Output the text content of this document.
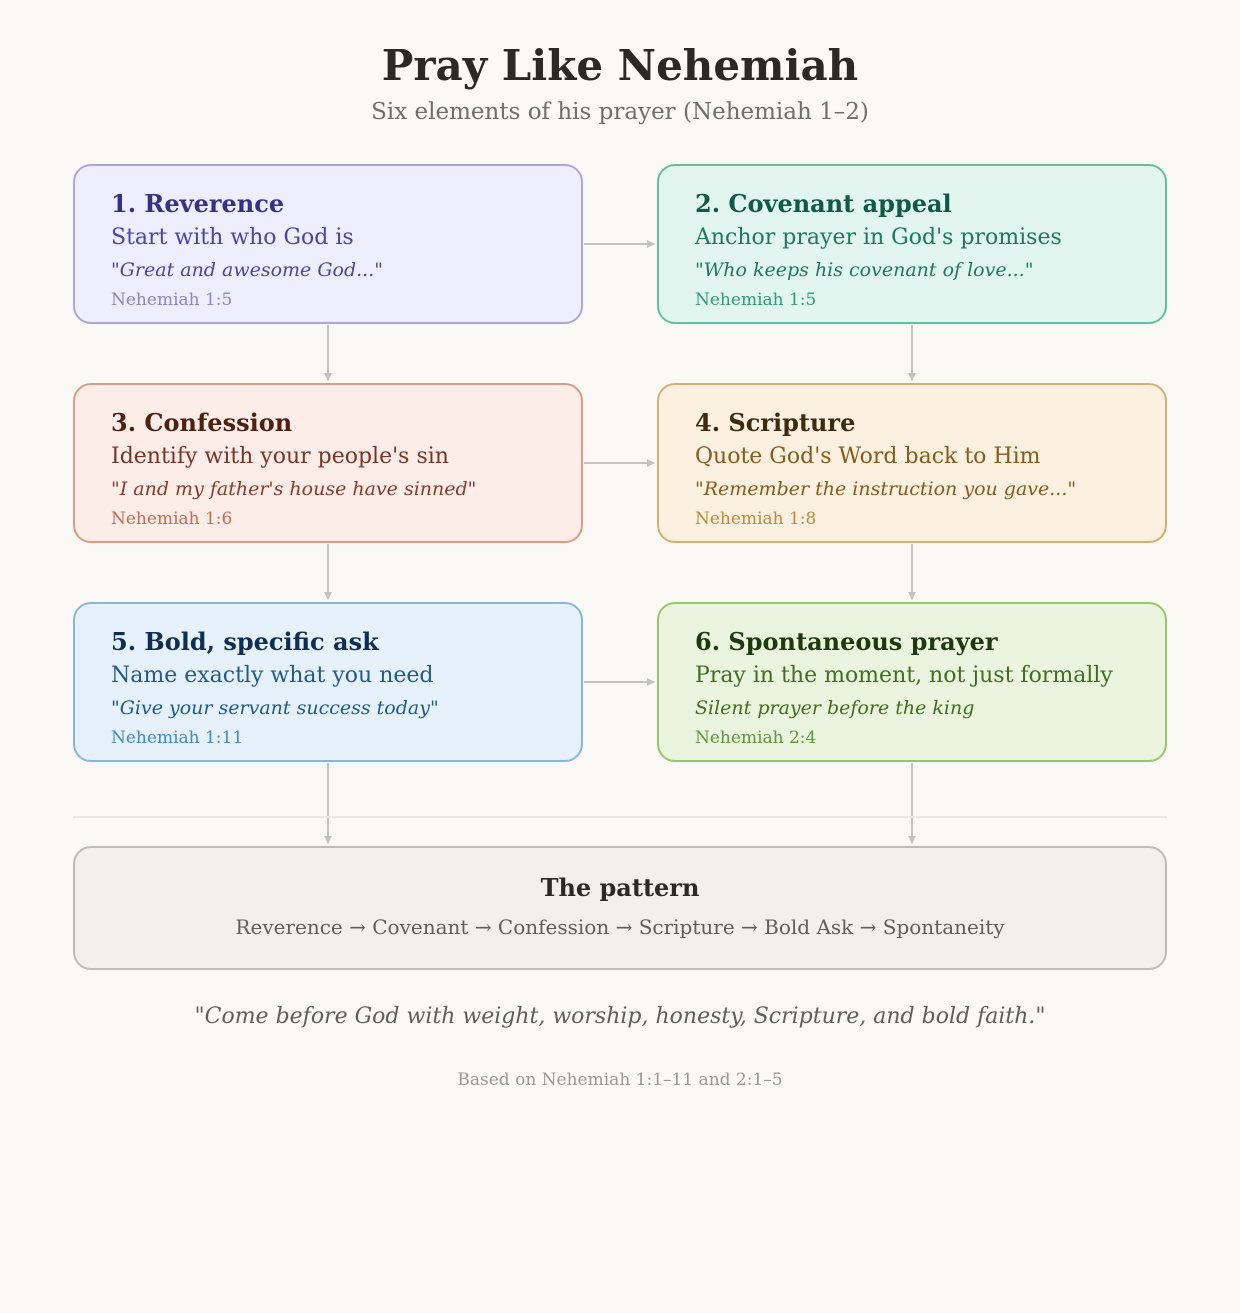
Pray Like Nehemiah
Six elements of his prayer (Nehemiah 1–2)
1. Reverence
Start with who God is
"Great and awesome God..."
Nehemiah 1:5
2. Covenant appeal
Anchor prayer in God's promises
"Who keeps his covenant of love..."
Nehemiah 1:5
3. Confession
Identify with your people's sin
"I and my father's house have sinned"
Nehemiah 1:6
4. Scripture
Quote God's Word back to Him
"Remember the instruction you gave..."
Nehemiah 1:8
5. Bold, specific ask
Name exactly what you need
"Give your servant success today"
Nehemiah 1:11
6. Spontaneous prayer
Pray in the moment, not just formally
Silent prayer before the king
Nehemiah 2:4
The pattern
Reverence → Covenant → Confession → Scripture → Bold Ask → Spontaneity
"Come before God with weight, worship, honesty, Scripture, and bold faith."
Based on Nehemiah 1:1–11 and 2:1–5
